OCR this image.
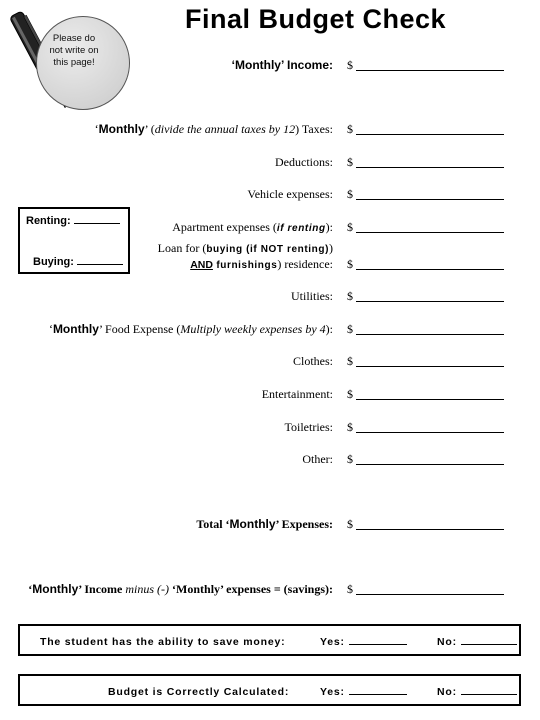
Please do not write on this page!
Final Budget Check
‘Monthly’ Income: $
‘Monthly’ (divide the annual taxes by 12) Taxes: $
Deductions: $
Vehicle expenses: $
Renting:
Buying:
Apartment expenses (if renting): $
Loan for (buying (if NOT renting))
AND furnishings) residence: $
Utilities: $
‘Monthly’ Food Expense (Multiply weekly expenses by 4): $
Clothes: $
Entertainment: $
Toiletries: $
Other: $
Total ‘Monthly’ Expenses: $
‘Monthly’ Income minus (-) ‘Monthly’ expenses = (savings): $
The student has the ability to save money:	Yes:	No:
Budget is Correctly Calculated:	Yes:	No:
